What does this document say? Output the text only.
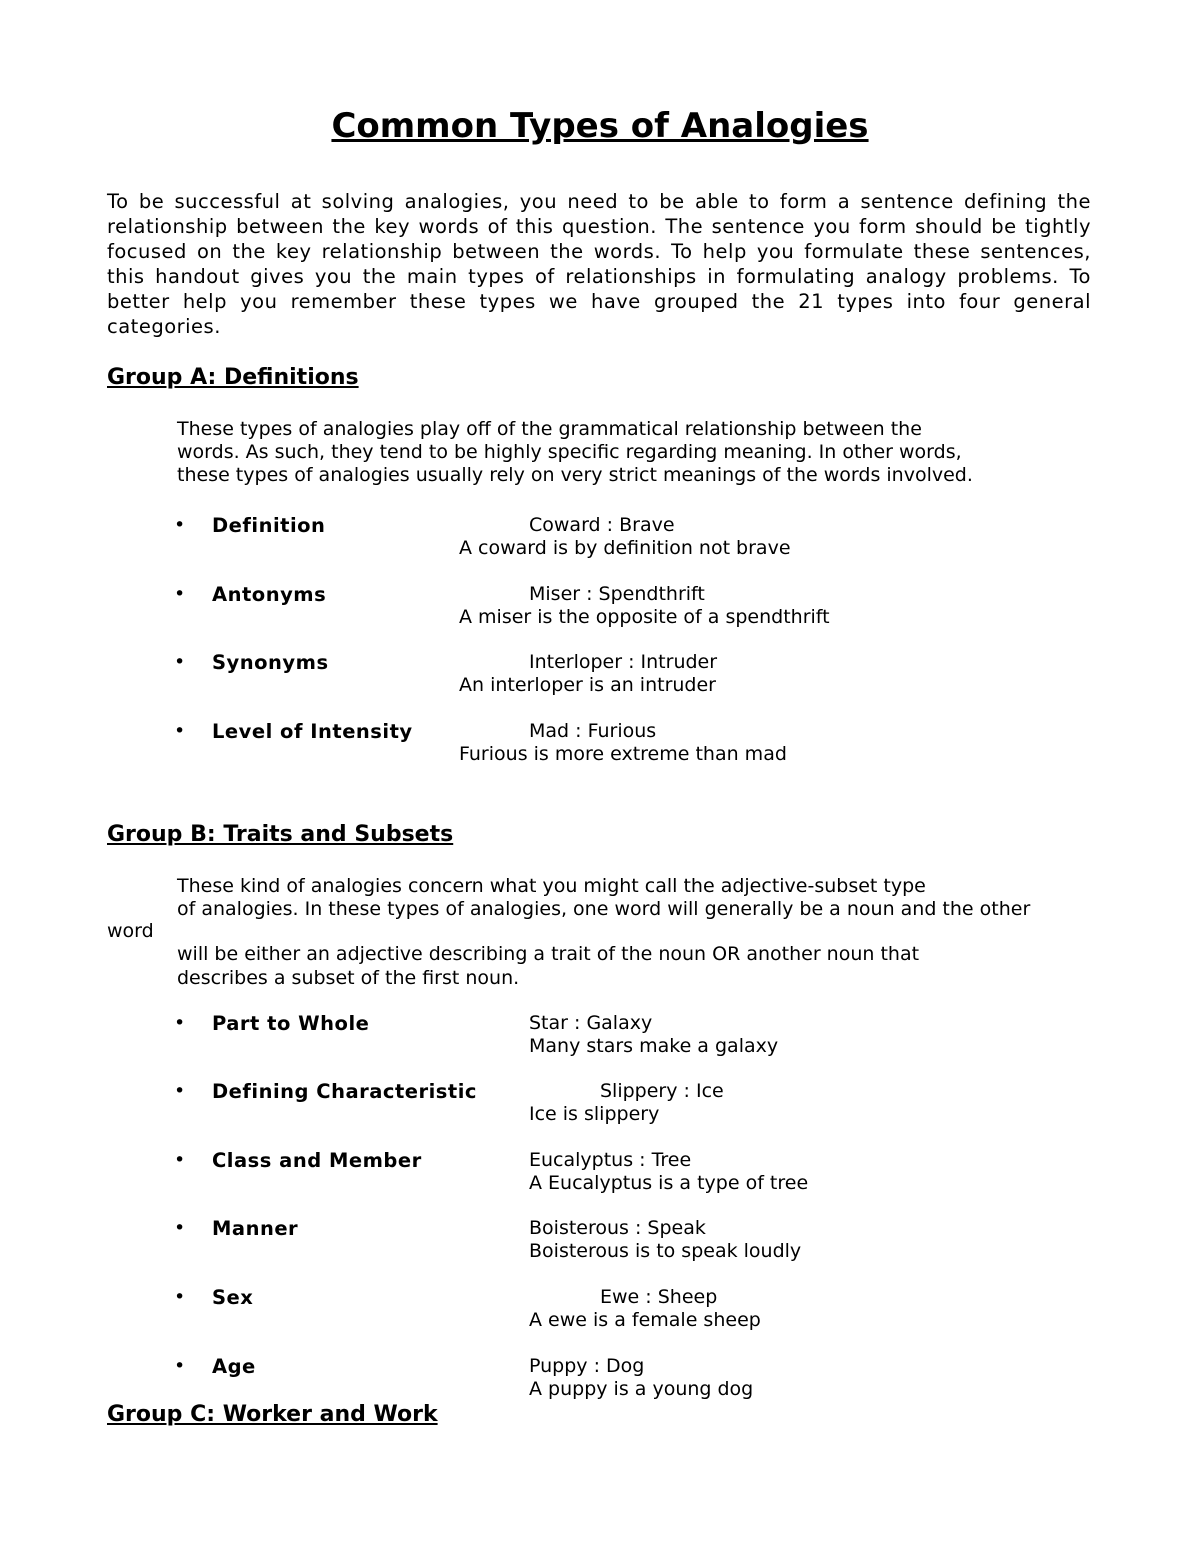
Common Types of Analogies

To be successful at solving analogies, you need to be able to form a sentence defining the relationship between the key words of this question. The sentence you form should be tightly focused on the key relationship between the words. To help you formulate these sentences, this handout gives you the main types of relationships in formulating analogy problems. To better help you remember these types we have grouped the 21 types into four general categories.

Group A: Definitions

These types of analogies play off of the grammatical relationship between the

words. As such, they tend to be highly specific regarding meaning. In other words,

these types of analogies usually rely on very strict meanings of the words involved.

• Definition	Coward : Brave
A coward is by definition not brave
• Antonyms	Miser : Spendthrift
A miser is the opposite of a spendthrift
• Synonyms	Interloper : Intruder
An interloper is an intruder
• Level of Intensity	Mad : Furious
Furious is more extreme than mad
Group B: Traits and Subsets

These kind of analogies concern what you might call the adjective-subset type

of analogies. In these types of analogies, one word will generally be a noun and the other

word

will be either an adjective describing a trait of the noun OR another noun that

describes a subset of the first noun.

• Part to Whole	Star : Galaxy
Many stars make a galaxy
• Defining Characteristic	Slippery : Ice
Ice is slippery
• Class and Member	Eucalyptus : Tree
A Eucalyptus is a type of tree
• Manner	Boisterous : Speak
Boisterous is to speak loudly
• Sex	Ewe : Sheep
A ewe is a female sheep
• Age	Puppy : Dog
A puppy is a young dog
Group C: Worker and Work
